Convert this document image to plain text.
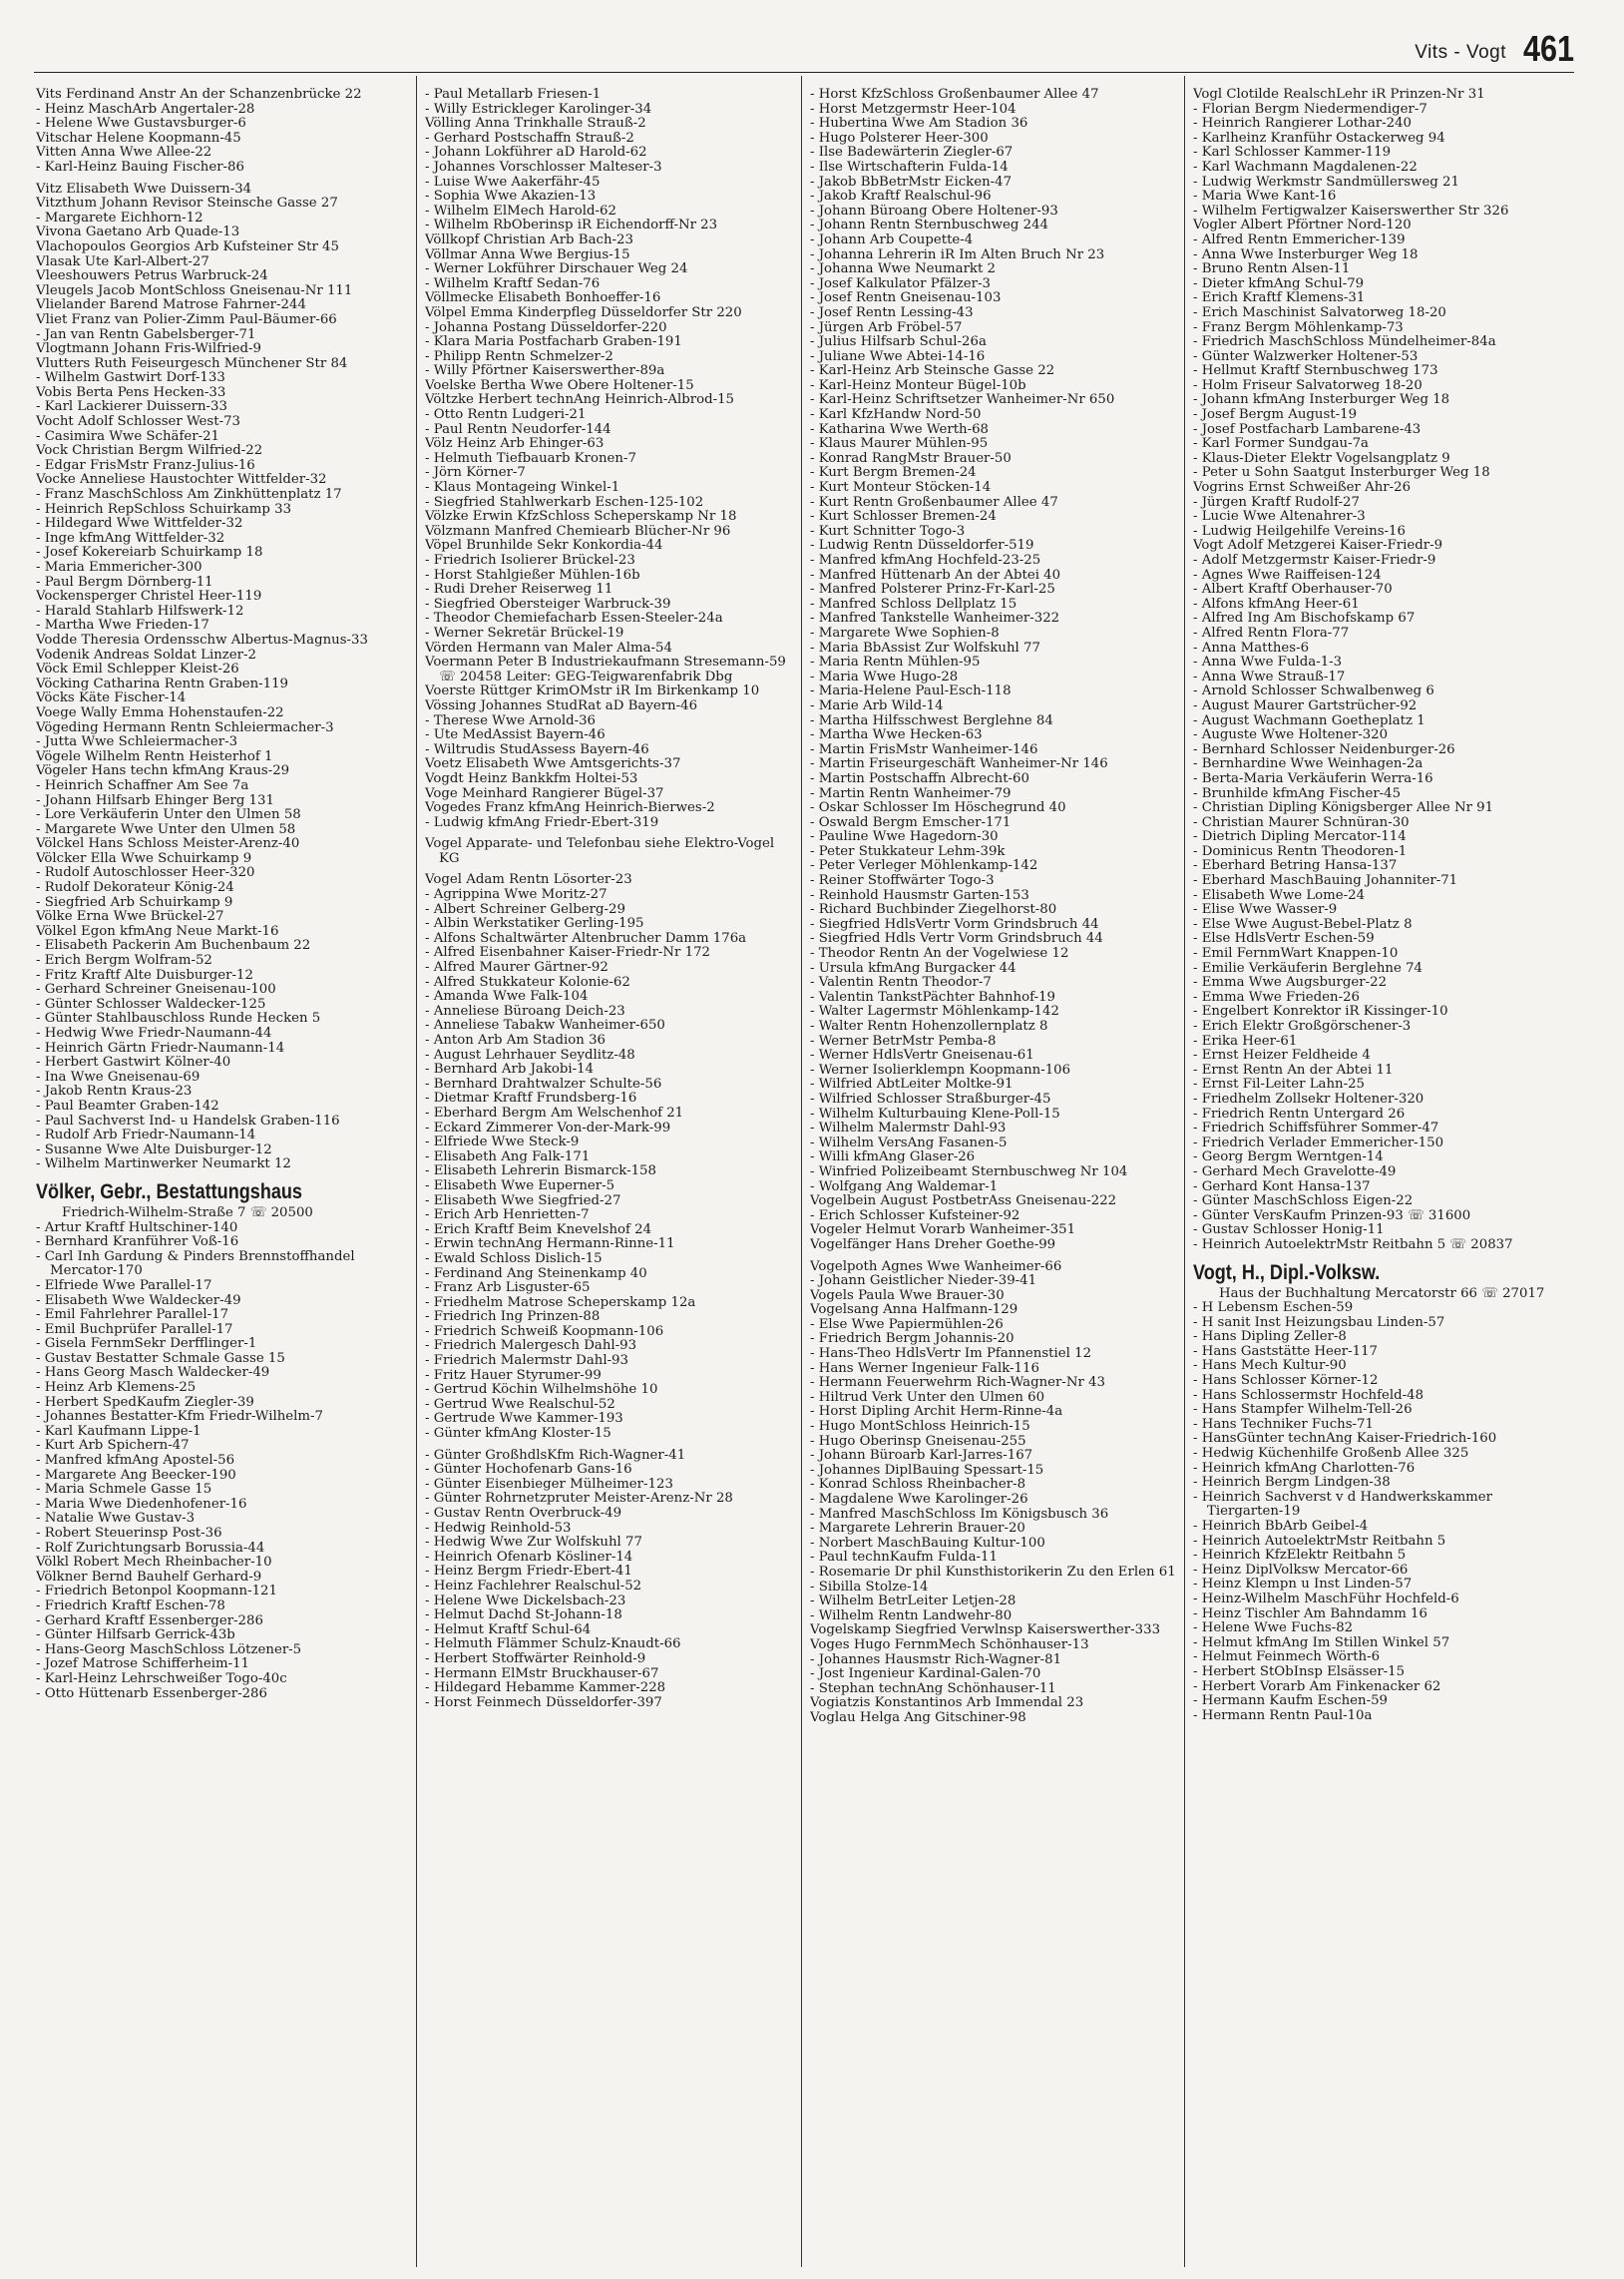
Vits - Vogt 461

Vits Ferdinand Anstr An der Schanzenbrücke 22

- Heinz MaschArb Angertaler-28

- Helene Wwe Gustavsburger-6

Vitschar Helene Koopmann-45

Vitten Anna Wwe Allee-22

- Karl-Heinz Bauing Fischer-86

Vitz Elisabeth Wwe Duissern-34

Vitzthum Johann Revisor Steinsche Gasse 27

- Margarete Eichhorn-12

Vivona Gaetano Arb Quade-13

Vlachopoulos Georgios Arb Kufsteiner Str 45

Vlasak Ute Karl-Albert-27

Vleeshouwers Petrus Warbruck-24

Vleugels Jacob MontSchloss Gneisenau-Nr 111

Vlielander Barend Matrose Fahrner-244

Vliet Franz van Polier-Zimm Paul-Bäumer-66

- Jan van Rentn Gabelsberger-71

Vlogtmann Johann Fris-Wilfried-9

Vlutters Ruth Feiseurgesch Münchener Str 84

- Wilhelm Gastwirt Dorf-133

Vobis Berta Pens Hecken-33

- Karl Lackierer Duissern-33

Vocht Adolf Schlosser West-73

- Casimira Wwe Schäfer-21

Vock Christian Bergm Wilfried-22

- Edgar FrisMstr Franz-Julius-16

Vocke Anneliese Haustochter Wittfelder-32

- Franz MaschSchloss Am Zinkhüttenplatz 17

- Heinrich RepSchloss Schuirkamp 33

- Hildegard Wwe Wittfelder-32

- Inge kfmAng Wittfelder-32

- Josef Kokereiarb Schuirkamp 18

- Maria Emmericher-300

- Paul Bergm Dörnberg-11

Vockensperger Christel Heer-119

- Harald Stahlarb Hilfswerk-12

- Martha Wwe Frieden-17

Vodde Theresia Ordensschw Albertus-Magnus-33

Vodenik Andreas Soldat Linzer-2

Vöck Emil Schlepper Kleist-26

Vöcking Catharina Rentn Graben-119

Vöcks Käte Fischer-14

Voege Wally Emma Hohenstaufen-22

Vögeding Hermann Rentn Schleiermacher-3

- Jutta Wwe Schleiermacher-3

Vögele Wilhelm Rentn Heisterhof 1

Vögeler Hans techn kfmAng Kraus-29

- Heinrich Schaffner Am See 7a

- Johann Hilfsarb Ehinger Berg 131

- Lore Verkäuferin Unter den Ulmen 58

- Margarete Wwe Unter den Ulmen 58

Völckel Hans Schloss Meister-Arenz-40

Völcker Ella Wwe Schuirkamp 9

- Rudolf Autoschlosser Heer-320

- Rudolf Dekorateur König-24

- Siegfried Arb Schuirkamp 9

Völke Erna Wwe Brückel-27

Völkel Egon kfmAng Neue Markt-16

- Elisabeth Packerin Am Buchenbaum 22

- Erich Bergm Wolfram-52

- Fritz Kraftf Alte Duisburger-12

- Gerhard Schreiner Gneisenau-100

- Günter Schlosser Waldecker-125

- Günter Stahlbauschloss Runde Hecken 5

- Hedwig Wwe Friedr-Naumann-44

- Heinrich Gärtn Friedr-Naumann-14

- Herbert Gastwirt Kölner-40

- Ina Wwe Gneisenau-69

- Jakob Rentn Kraus-23

- Paul Beamter Graben-142

- Paul Sachverst Ind- u Handelsk Graben-116

- Rudolf Arb Friedr-Naumann-14

- Susanne Wwe Alte Duisburger-12

- Wilhelm Martinwerker Neumarkt 12

Völker, Gebr., Bestattungshaus

Friedrich-Wilhelm-Straße 7 ☏ 20500

- Artur Kraftf Hultschiner-140

- Bernhard Kranführer Voß-16

- Carl Inh Gardung & Pinders Brennstoffhandel Mercator-170

- Elfriede Wwe Parallel-17

- Elisabeth Wwe Waldecker-49

- Emil Fahrlehrer Parallel-17

- Emil Buchprüfer Parallel-17

- Gisela FernmSekr Derfflinger-1

- Gustav Bestatter Schmale Gasse 15

- Hans Georg Masch Waldecker-49

- Heinz Arb Klemens-25

- Herbert SpedKaufm Ziegler-39

- Johannes Bestatter-Kfm Friedr-Wilhelm-7

- Karl Kaufmann Lippe-1

- Kurt Arb Spichern-47

- Manfred kfmAng Apostel-56

- Margarete Ang Beecker-190

- Maria Schmele Gasse 15

- Maria Wwe Diedenhofener-16

- Natalie Wwe Gustav-3

- Robert Steuerinsp Post-36

- Rolf Zurichtungsarb Borussia-44

Völkl Robert Mech Rheinbacher-10

Völkner Bernd Bauhelf Gerhard-9

- Friedrich Betonpol Koopmann-121

- Friedrich Kraftf Eschen-78

- Gerhard Kraftf Essenberger-286

- Günter Hilfsarb Gerrick-43b

- Hans-Georg MaschSchloss Lötzener-5

- Jozef Matrose Schifferheim-11

- Karl-Heinz Lehrschweißer Togo-40c

- Otto Hüttenarb Essenberger-286

- Paul Metallarb Friesen-1

- Willy Estrickleger Karolinger-34

Völling Anna Trinkhalle Strauß-2

- Gerhard Postschaffn Strauß-2

- Johann Lokführer aD Harold-62

- Johannes Vorschlosser Malteser-3

- Luise Wwe Aakerfähr-45

- Sophia Wwe Akazien-13

- Wilhelm ElMech Harold-62

- Wilhelm RbOberinsp iR Eichendorff-Nr 23

Völlkopf Christian Arb Bach-23

Völlmar Anna Wwe Bergius-15

- Werner Lokführer Dirschauer Weg 24

- Wilhelm Kraftf Sedan-76

Völlmecke Elisabeth Bonhoeffer-16

Völpel Emma Kinderpfleg Düsseldorfer Str 220

- Johanna Postang Düsseldorfer-220

- Klara Maria Postfacharb Graben-191

- Philipp Rentn Schmelzer-2

- Willy Pförtner Kaiserswerther-89a

Voelske Bertha Wwe Obere Holtener-15

Völtzke Herbert technAng Heinrich-Albrod-15

- Otto Rentn Ludgeri-21

- Paul Rentn Neudorfer-144

Völz Heinz Arb Ehinger-63

- Helmuth Tiefbauarb Kronen-7

- Jörn Körner-7

- Klaus Montageing Winkel-1

- Siegfried Stahlwerkarb Eschen-125-102

Völzke Erwin KfzSchloss Scheperskamp Nr 18

Völzmann Manfred Chemiearb Blücher-Nr 96

Vöpel Brunhilde Sekr Konkordia-44

- Friedrich Isolierer Brückel-23

- Horst Stahlgießer Mühlen-16b

- Rudi Dreher Reiserweg 11

- Siegfried Obersteiger Warbruck-39

- Theodor Chemiefacharb Essen-Steeler-24a

- Werner Sekretär Brückel-19

Vörden Hermann van Maler Alma-54

Voermann Peter B Industriekaufmann Stresemann-59 ☏ 20458 Leiter: GEG-Teigwarenfabrik Dbg

Voerste Rüttger KrimOMstr iR Im Birkenkamp 10

Vössing Johannes StudRat aD Bayern-46

- Therese Wwe Arnold-36

- Ute MedAssist Bayern-46

- Wiltrudis StudAssess Bayern-46

Voetz Elisabeth Wwe Amtsgerichts-37

Vogdt Heinz Bankkfm Holtei-53

Voge Meinhard Rangierer Bügel-37

Vogedes Franz kfmAng Heinrich-Bierwes-2

- Ludwig kfmAng Friedr-Ebert-319

Vogel Apparate- und Telefonbau siehe Elektro-Vogel KG

Vogel Adam Rentn Lösorter-23

- Agrippina Wwe Moritz-27

- Albert Schreiner Gelberg-29

- Albin Werkstatiker Gerling-195

- Alfons Schaltwärter Altenbrucher Damm 176a

- Alfred Eisenbahner Kaiser-Friedr-Nr 172

- Alfred Maurer Gärtner-92

- Alfred Stukkateur Kolonie-62

- Amanda Wwe Falk-104

- Anneliese Büroang Deich-23

- Anneliese Tabakw Wanheimer-650

- Anton Arb Am Stadion 36

- August Lehrhauer Seydlitz-48

- Bernhard Arb Jakobi-14

- Bernhard Drahtwalzer Schulte-56

- Dietmar Kraftf Frundsberg-16

- Eberhard Bergm Am Welschenhof 21

- Eckard Zimmerer Von-der-Mark-99

- Elfriede Wwe Steck-9

- Elisabeth Ang Falk-171

- Elisabeth Lehrerin Bismarck-158

- Elisabeth Wwe Euperner-5

- Elisabeth Wwe Siegfried-27

- Erich Arb Henrietten-7

- Erich Kraftf Beim Knevelshof 24

- Erwin technAng Hermann-Rinne-11

- Ewald Schloss Dislich-15

- Ferdinand Ang Steinenkamp 40

- Franz Arb Lisguster-65

- Friedhelm Matrose Scheperskamp 12a

- Friedrich Ing Prinzen-88

- Friedrich Schweiß Koopmann-106

- Friedrich Malergesch Dahl-93

- Friedrich Malermstr Dahl-93

- Fritz Hauer Styrumer-99

- Gertrud Köchin Wilhelmshöhe 10

- Gertrud Wwe Realschul-52

- Gertrude Wwe Kammer-193

- Günter kfmAng Kloster-15

- Günter GroßhdlsKfm Rich-Wagner-41

- Günter Hochofenarb Gans-16

- Günter Eisenbieger Mülheimer-123

- Günter Rohrnetzpruter Meister-Arenz-Nr 28

- Gustav Rentn Overbruck-49

- Hedwig Reinhold-53

- Hedwig Wwe Zur Wolfskuhl 77

- Heinrich Ofenarb Kösliner-14

- Heinz Bergm Friedr-Ebert-41

- Heinz Fachlehrer Realschul-52

- Helene Wwe Dickelsbach-23

- Helmut Dachd St-Johann-18

- Helmut Kraftf Schul-64

- Helmuth Flämmer Schulz-Knaudt-66

- Herbert Stoffwärter Reinhold-9

- Hermann ElMstr Bruckhauser-67

- Hildegard Hebamme Kammer-228

- Horst Feinmech Düsseldorfer-397

- Horst KfzSchloss Großenbaumer Allee 47

- Horst Metzgermstr Heer-104

- Hubertina Wwe Am Stadion 36

- Hugo Polsterer Heer-300

- Ilse Badewärterin Ziegler-67

- Ilse Wirtschafterin Fulda-14

- Jakob BbBetrMstr Eicken-47

- Jakob Kraftf Realschul-96

- Johann Büroang Obere Holtener-93

- Johann Rentn Sternbuschweg 244

- Johann Arb Coupette-4

- Johanna Lehrerin iR Im Alten Bruch Nr 23

- Johanna Wwe Neumarkt 2

- Josef Kalkulator Pfälzer-3

- Josef Rentn Gneisenau-103

- Josef Rentn Lessing-43

- Jürgen Arb Fröbel-57

- Julius Hilfsarb Schul-26a

- Juliane Wwe Abtei-14-16

- Karl-Heinz Arb Steinsche Gasse 22

- Karl-Heinz Monteur Bügel-10b

- Karl-Heinz Schriftsetzer Wanheimer-Nr 650

- Karl KfzHandw Nord-50

- Katharina Wwe Werth-68

- Klaus Maurer Mühlen-95

- Konrad RangMstr Brauer-50

- Kurt Bergm Bremen-24

- Kurt Monteur Stöcken-14

- Kurt Rentn Großenbaumer Allee 47

- Kurt Schlosser Bremen-24

- Kurt Schnitter Togo-3

- Ludwig Rentn Düsseldorfer-519

- Manfred kfmAng Hochfeld-23-25

- Manfred Hüttenarb An der Abtei 40

- Manfred Polsterer Prinz-Fr-Karl-25

- Manfred Schloss Dellplatz 15

- Manfred Tankstelle Wanheimer-322

- Margarete Wwe Sophien-8

- Maria BbAssist Zur Wolfskuhl 77

- Maria Rentn Mühlen-95

- Maria Wwe Hugo-28

- Maria-Helene Paul-Esch-118

- Marie Arb Wild-14

- Martha Hilfsschwest Berglehne 84

- Martha Wwe Hecken-63

- Martin FrisMstr Wanheimer-146

- Martin Friseurgeschäft Wanheimer-Nr 146

- Martin Postschaffn Albrecht-60

- Martin Rentn Wanheimer-79

- Oskar Schlosser Im Höschegrund 40

- Oswald Bergm Emscher-171

- Pauline Wwe Hagedorn-30

- Peter Stukkateur Lehm-39k

- Peter Verleger Möhlenkamp-142

- Reiner Stoffwärter Togo-3

- Reinhold Hausmstr Garten-153

- Richard Buchbinder Ziegelhorst-80

- Siegfried HdlsVertr Vorm Grindsbruch 44

- Siegfried Hdls Vertr Vorm Grindsbruch 44

- Theodor Rentn An der Vogelwiese 12

- Ursula kfmAng Burgacker 44

- Valentin Rentn Theodor-7

- Valentin TankstPächter Bahnhof-19

- Walter Lagermstr Möhlenkamp-142

- Walter Rentn Hohenzollernplatz 8

- Werner BetrMstr Pemba-8

- Werner HdlsVertr Gneisenau-61

- Werner Isolierklempn Koopmann-106

- Wilfried AbtLeiter Moltke-91

- Wilfried Schlosser Straßburger-45

- Wilhelm Kulturbauing Klene-Poll-15

- Wilhelm Malermstr Dahl-93

- Wilhelm VersAng Fasanen-5

- Willi kfmAng Glaser-26

- Winfried Polizeibeamt Sternbuschweg Nr 104

- Wolfgang Ang Waldemar-1

Vogelbein August PostbetrAss Gneisenau-222

- Erich Schlosser Kufsteiner-92

Vogeler Helmut Vorarb Wanheimer-351

Vogelfänger Hans Dreher Goethe-99

Vogelpoth Agnes Wwe Wanheimer-66

- Johann Geistlicher Nieder-39-41

Vogels Paula Wwe Brauer-30

Vogelsang Anna Halfmann-129

- Else Wwe Papiermühlen-26

- Friedrich Bergm Johannis-20

- Hans-Theo HdlsVertr Im Pfannenstiel 12

- Hans Werner Ingenieur Falk-116

- Hermann Feuerwehrm Rich-Wagner-Nr 43

- Hiltrud Verk Unter den Ulmen 60

- Horst Dipling Archit Herm-Rinne-4a

- Hugo MontSchloss Heinrich-15

- Hugo Oberinsp Gneisenau-255

- Johann Büroarb Karl-Jarres-167

- Johannes DiplBauing Spessart-15

- Konrad Schloss Rheinbacher-8

- Magdalene Wwe Karolinger-26

- Manfred MaschSchloss Im Königsbusch 36

- Margarete Lehrerin Brauer-20

- Norbert MaschBauing Kultur-100

- Paul technKaufm Fulda-11

- Rosemarie Dr phil Kunsthistorikerin Zu den Erlen 61

- Sibilla Stolze-14

- Wilhelm BetrLeiter Letjen-28

- Wilhelm Rentn Landwehr-80

Vogelskamp Siegfried Verwlnsp Kaiserswerther-333

Voges Hugo FernmMech Schönhauser-13

- Johannes Hausmstr Rich-Wagner-81

- Jost Ingenieur Kardinal-Galen-70

- Stephan technAng Schönhauser-11

Vogiatzis Konstantinos Arb Immendal 23

Voglau Helga Ang Gitschiner-98

Vogl Clotilde RealschLehr iR Prinzen-Nr 31

- Florian Bergm Niedermendiger-7

- Heinrich Rangierer Lothar-240

- Karlheinz Kranführ Ostackerweg 94

- Karl Schlosser Kammer-119

- Karl Wachmann Magdalenen-22

- Ludwig Werkmstr Sandmüllersweg 21

- Maria Wwe Kant-16

- Wilhelm Fertigwalzer Kaiserswerther Str 326

Vogler Albert Pförtner Nord-120

- Alfred Rentn Emmericher-139

- Anna Wwe Insterburger Weg 18

- Bruno Rentn Alsen-11

- Dieter kfmAng Schul-79

- Erich Kraftf Klemens-31

- Erich Maschinist Salvatorweg 18-20

- Franz Bergm Möhlenkamp-73

- Friedrich MaschSchloss Mündelheimer-84a

- Günter Walzwerker Holtener-53

- Hellmut Kraftf Sternbuschweg 173

- Holm Friseur Salvatorweg 18-20

- Johann kfmAng Insterburger Weg 18

- Josef Bergm August-19

- Josef Postfacharb Lambarene-43

- Karl Former Sundgau-7a

- Klaus-Dieter Elektr Vogelsangplatz 9

- Peter u Sohn Saatgut Insterburger Weg 18

Vogrins Ernst Schweißer Ahr-26

- Jürgen Kraftf Rudolf-27

- Lucie Wwe Altenahrer-3

- Ludwig Heilgehilfe Vereins-16

Vogt Adolf Metzgerei Kaiser-Friedr-9

- Adolf Metzgermstr Kaiser-Friedr-9

- Agnes Wwe Raiffeisen-124

- Albert Kraftf Oberhauser-70

- Alfons kfmAng Heer-61

- Alfred Ing Am Bischofskamp 67

- Alfred Rentn Flora-77

- Anna Matthes-6

- Anna Wwe Fulda-1-3

- Anna Wwe Strauß-17

- Arnold Schlosser Schwalbenweg 6

- August Maurer Gartstrücher-92

- August Wachmann Goetheplatz 1

- Auguste Wwe Holtener-320

- Bernhard Schlosser Neidenburger-26

- Bernhardine Wwe Weinhagen-2a

- Berta-Maria Verkäuferin Werra-16

- Brunhilde kfmAng Fischer-45

- Christian Dipling Königsberger Allee Nr 91

- Christian Maurer Schnüran-30

- Dietrich Dipling Mercator-114

- Dominicus Rentn Theodoren-1

- Eberhard Betring Hansa-137

- Eberhard MaschBauing Johanniter-71

- Elisabeth Wwe Lome-24

- Elise Wwe Wasser-9

- Else Wwe August-Bebel-Platz 8

- Else HdlsVertr Eschen-59

- Emil FernmWart Knappen-10

- Emilie Verkäuferin Berglehne 74

- Emma Wwe Augsburger-22

- Emma Wwe Frieden-26

- Engelbert Konrektor iR Kissinger-10

- Erich Elektr Großgörschener-3

- Erika Heer-61

- Ernst Heizer Feldheide 4

- Ernst Rentn An der Abtei 11

- Ernst Fil-Leiter Lahn-25

- Friedhelm Zollsekr Holtener-320

- Friedrich Rentn Untergard 26

- Friedrich Schiffsführer Sommer-47

- Friedrich Verlader Emmericher-150

- Georg Bergm Werntgen-14

- Gerhard Mech Gravelotte-49

- Gerhard Kont Hansa-137

- Günter MaschSchloss Eigen-22

- Günter VersKaufm Prinzen-93 ☏ 31600

- Gustav Schlosser Honig-11

- Heinrich AutoelektrMstr Reitbahn 5 ☏ 20837

Vogt, H., Dipl.-Volksw.

Haus der Buchhaltung Mercatorstr 66 ☏ 27017

- H Lebensm Eschen-59

- H sanit Inst Heizungsbau Linden-57

- Hans Dipling Zeller-8

- Hans Gaststätte Heer-117

- Hans Mech Kultur-90

- Hans Schlosser Körner-12

- Hans Schlossermstr Hochfeld-48

- Hans Stampfer Wilhelm-Tell-26

- Hans Techniker Fuchs-71

- HansGünter technAng Kaiser-Friedrich-160

- Hedwig Küchenhilfe Großenb Allee 325

- Heinrich kfmAng Charlotten-76

- Heinrich Bergm Lindgen-38

- Heinrich Sachverst v d Handwerkskammer Tiergarten-19

- Heinrich BbArb Geibel-4

- Heinrich AutoelektrMstr Reitbahn 5

- Heinrich KfzElektr Reitbahn 5

- Heinz DiplVolksw Mercator-66

- Heinz Klempn u Inst Linden-57

- Heinz-Wilhelm MaschFühr Hochfeld-6

- Heinz Tischler Am Bahndamm 16

- Helene Wwe Fuchs-82

- Helmut kfmAng Im Stillen Winkel 57

- Helmut Feinmech Wörth-6

- Herbert StObInsp Elsässer-15

- Herbert Vorarb Am Finkenacker 62

- Hermann Kaufm Eschen-59

- Hermann Rentn Paul-10a
